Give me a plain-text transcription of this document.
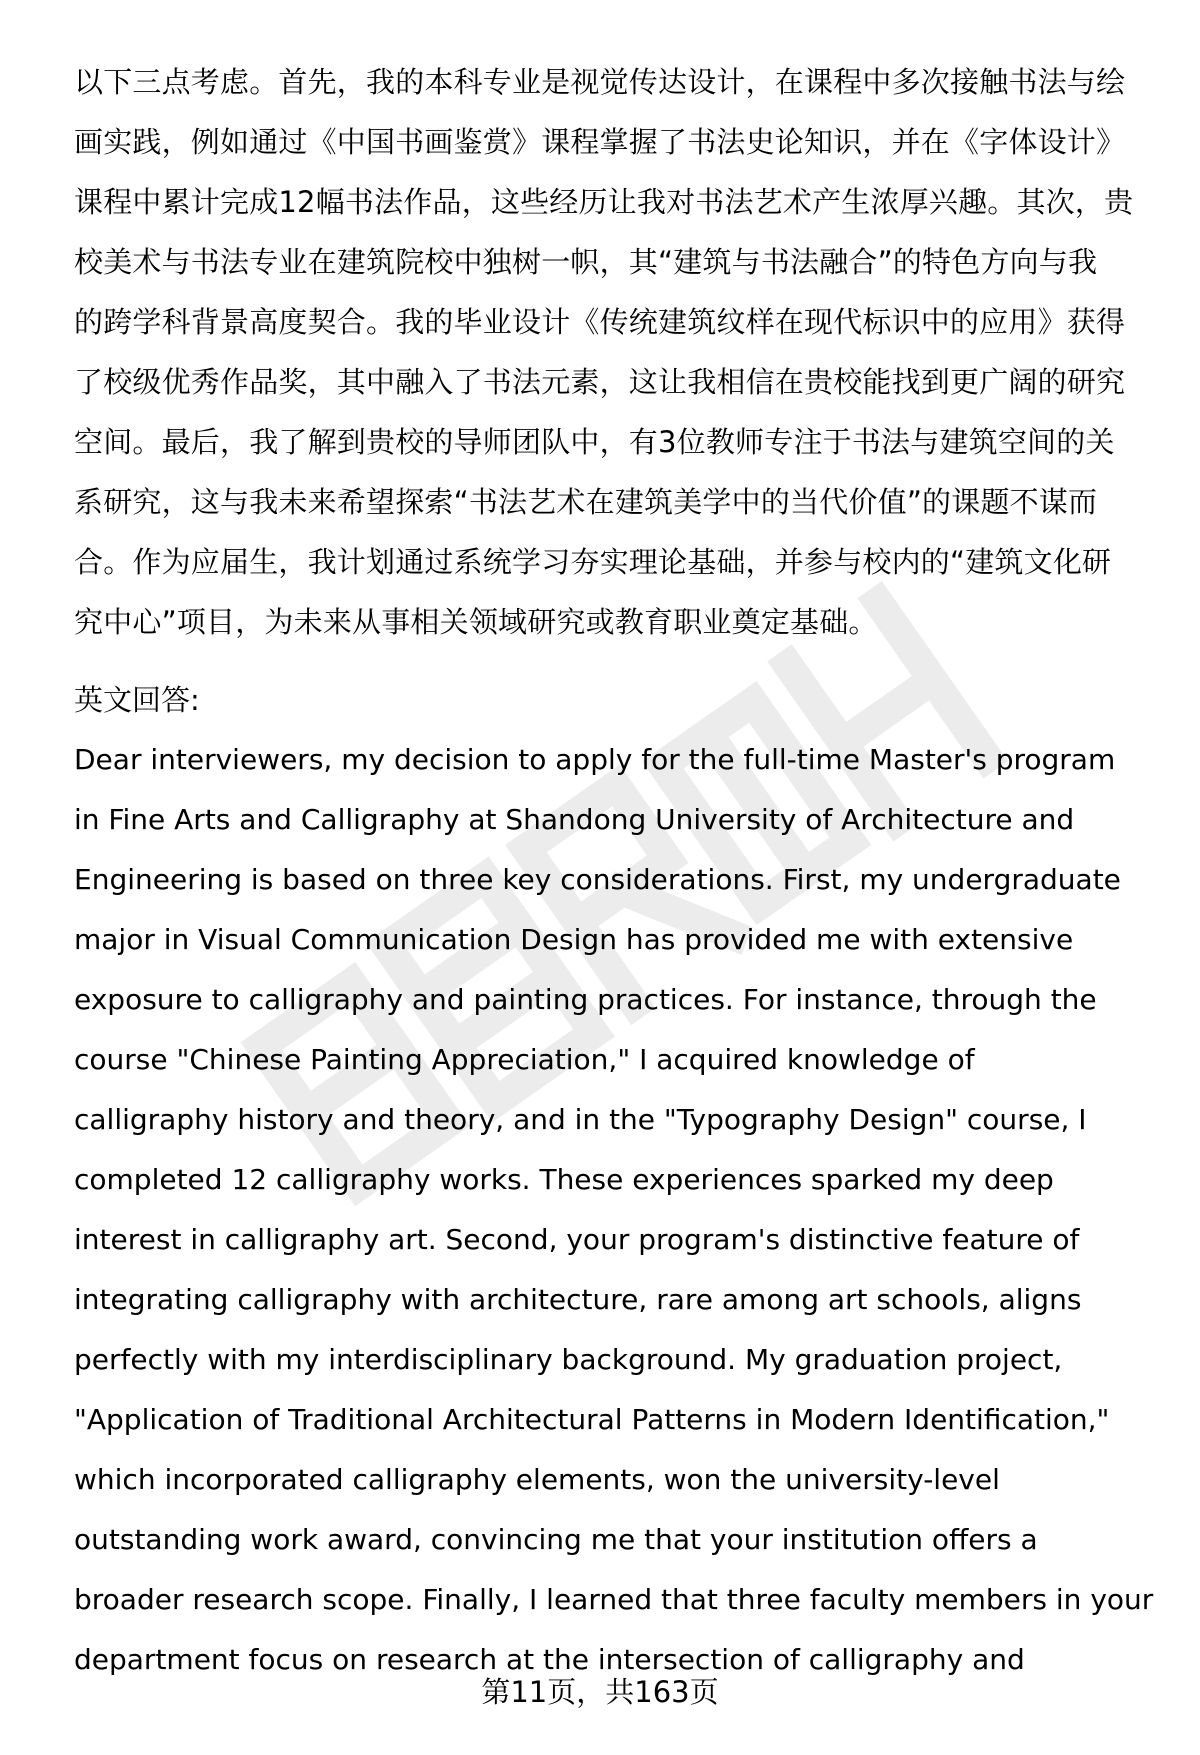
以下三点考虑。首先，我的本科专业是视觉传达设计，在课程中多次接触书法与绘
画实践，例如通过《中国书画鉴赏》课程掌握了书法史论知识，并在《字体设计》
课程中累计完成12幅书法作品，这些经历让我对书法艺术产生浓厚兴趣。其次，贵
校美术与书法专业在建筑院校中独树一帜，其“建筑与书法融合”的特色方向与我
的跨学科背景高度契合。我的毕业设计《传统建筑纹样在现代标识中的应用》获得
了校级优秀作品奖，其中融入了书法元素，这让我相信在贵校能找到更广阔的研究
空间。最后，我了解到贵校的导师团队中，有3位教师专注于书法与建筑空间的关
系研究，这与我未来希望探索“书法艺术在建筑美学中的当代价值”的课题不谋而
合。作为应届生，我计划通过系统学习夯实理论基础，并参与校内的“建筑文化研
究中心”项目，为未来从事相关领域研究或教育职业奠定基础。
英文回答:
Dear interviewers, my decision to apply for the full-time Master's program
in Fine Arts and Calligraphy at Shandong University of Architecture and
Engineering is based on three key considerations. First, my undergraduate
major in Visual Communication Design has provided me with extensive
exposure to calligraphy and painting practices. For instance, through the
course "Chinese Painting Appreciation," I acquired knowledge of
calligraphy history and theory, and in the "Typography Design" course, I
completed 12 calligraphy works. These experiences sparked my deep
interest in calligraphy art. Second, your program's distinctive feature of
integrating calligraphy with architecture, rare among art schools, aligns
perfectly with my interdisciplinary background. My graduation project,
"Application of Traditional Architectural Patterns in Modern Identification,"
which incorporated calligraphy elements, won the university-level
outstanding work award, convincing me that your institution offers a
broader research scope. Finally, I learned that three faculty members in your
department focus on research at the intersection of calligraphy and
第11页，共163页
